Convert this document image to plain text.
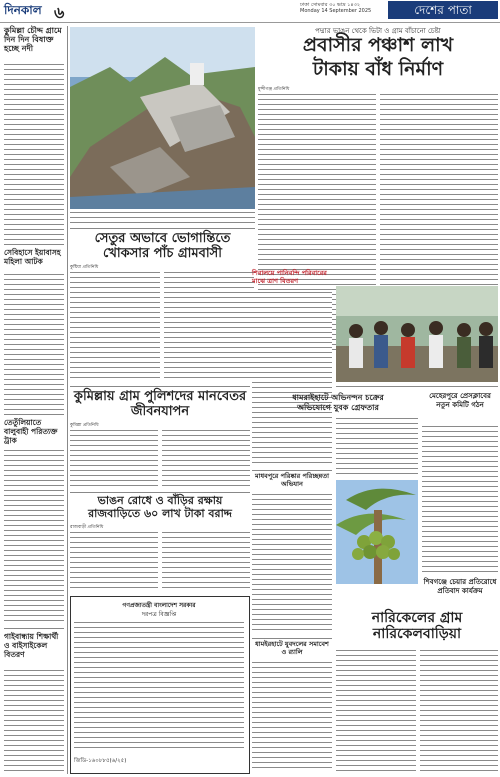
দিনকাল ৬	ঢাকা সোমবার ৩০ ভাদ্র ১৪৩২
Monday 14 September 2025	দেশের পাতা
কুমিল্লা চৌদ্দ গ্রামে দিন দিন বিষাক্ত হচ্ছে নদী
সেবিহাসে ইয়াবাসহ মহিলা আটক
তেতুঁলিয়াতে বালুবাহী পরিত্যক্ত ট্রাক
গাইবান্ধায় শিক্ষার্থী ও বাইসাইকেল বিতরণ
পদ্মার ভাঙন থেকে ভিটা ও গ্রাম বাঁচানো চেষ্টা
প্রবাসীর পঞ্চাশ লাখ
টাকায় বাঁধ নির্মাণ
মুন্সীগঞ্জ প্রতিনিধি
সেতুর অভাবে ভোগান্তিতে খোকসার পাঁচ গ্রামবাসী
কুষ্টিয়া প্রতিনিধি
কুমিল্লায় গ্রাম পুলিশদের মানবেতর জীবনযাপন
কুমিল্লা প্রতিনিধি
ভাঙন রোধে ও বাঁড়ির রক্ষায়
রাজবাড়িতে ৬০ লাখ টাকা বরাদ্দ
রাজবাড়ী প্রতিনিধি
শিবালয়ে পানিবন্দি পরিবারের মাঝে ত্রাণ বিতরণ
মাধবপুরে পরিষ্কার পরিচ্ছন্নতা অভিযান
ধামইরহাটে যুবদলের সমাবেশ ও র‍্যালি
ধামরাইহাটে অভিনন্দন চক্রের
অভিযোগে যুবক গ্রেফতার
মেহেরপুরে প্রেসক্লাবের নতুন কমিটি গঠন
নারিকেলের গ্রাম
নারিকেলবাড়িয়া
শিবগঞ্জে চেয়ার প্রতিরোধে প্রতিবাদ কার্যক্রম
গণপ্রজাতন্ত্রী বাংলাদেশ সরকার
দরপত্র বিজ্ঞপ্তি
জিডি-১৬০৮৮৫(৬/২৫)
